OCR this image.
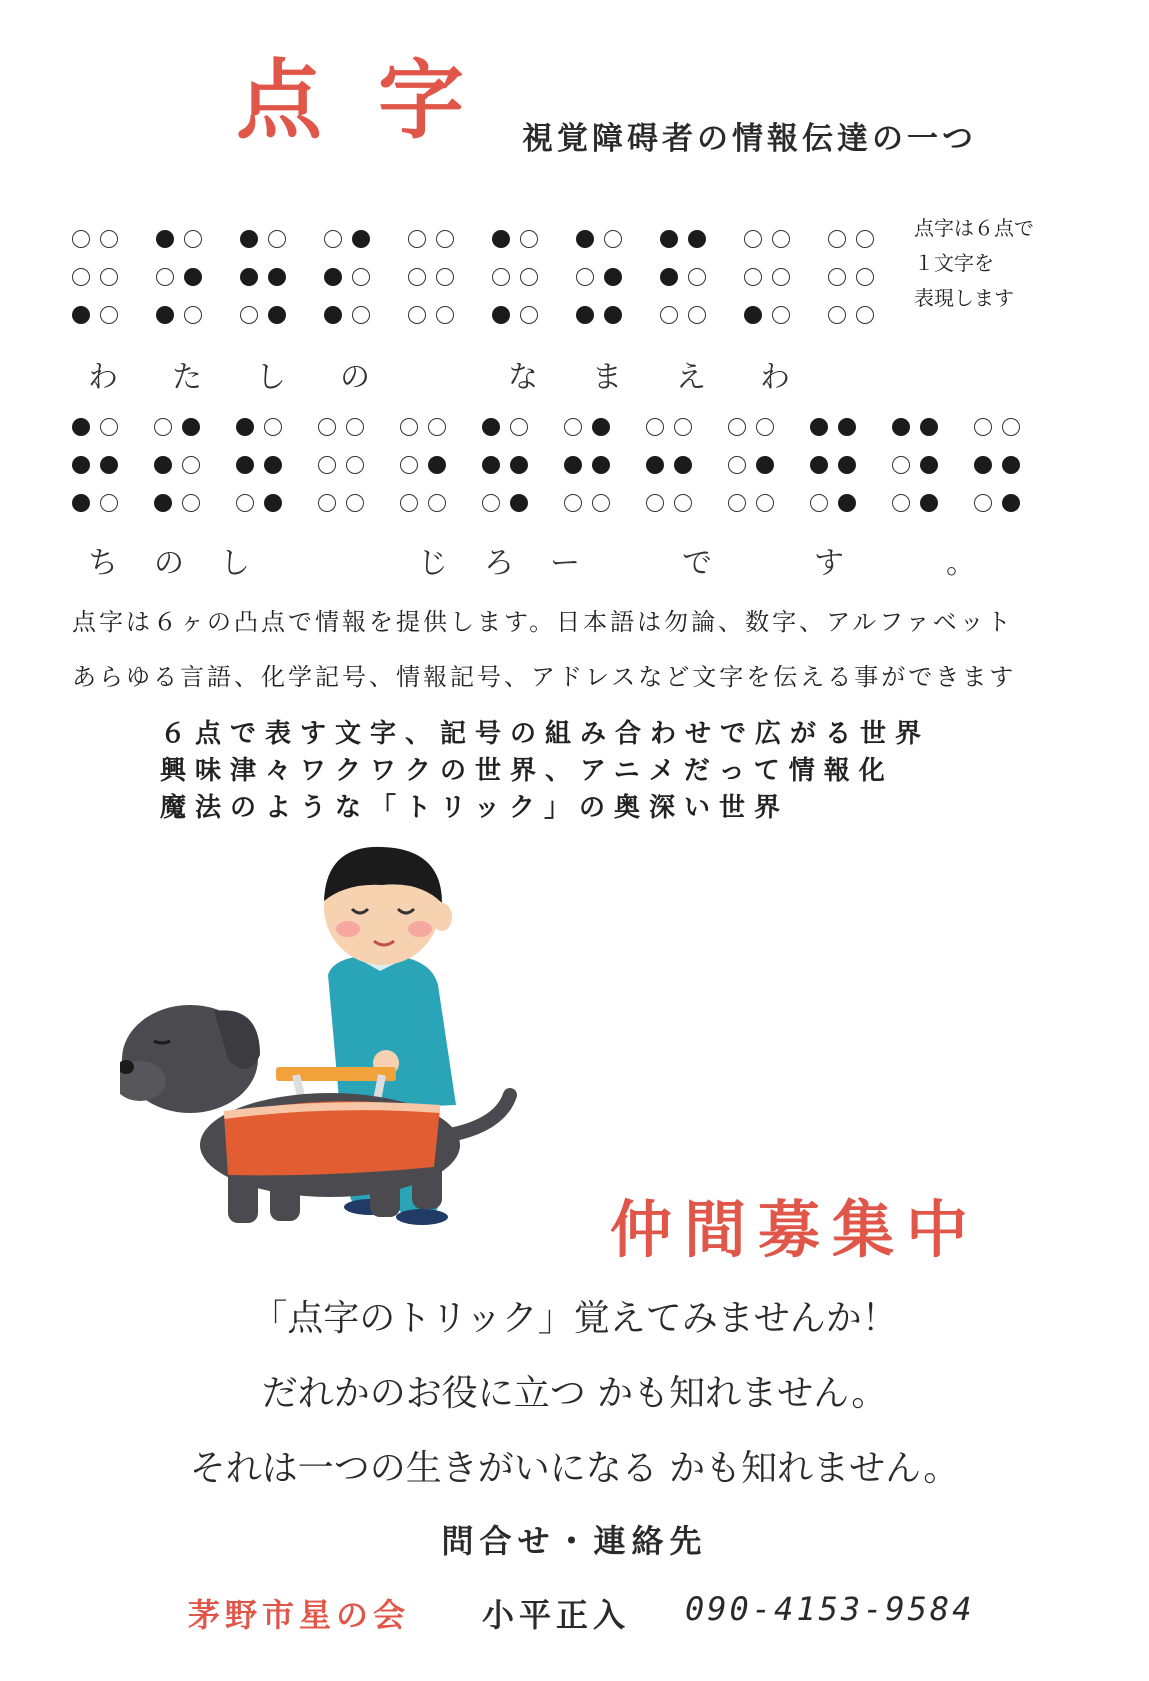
点字 視覚障碍者の情報伝達の一つ
点字は６点で
１文字を
表現します
わ	た	し	の	な	ま	え	わ
ち	の	し	じ	ろ	ー	で	す	。
点字は６ヶの凸点で情報を提供します。日本語は勿論、数字、アルファベット
あらゆる言語、化学記号、情報記号、アドレスなど文字を伝える事ができます
６点で表す文字、記号の組み合わせで広がる世界
興味津々ワクワクの世界、アニメだって情報化
魔法のような「トリック」の奥深い世界
仲間募集中
「点字のトリック」覚えてみませんか！
だれかのお役に立つ かも知れません。
それは一つの生きがいになる かも知れません。
問合せ・連絡先
茅野市星の会 小平正入 090-4153-9584
